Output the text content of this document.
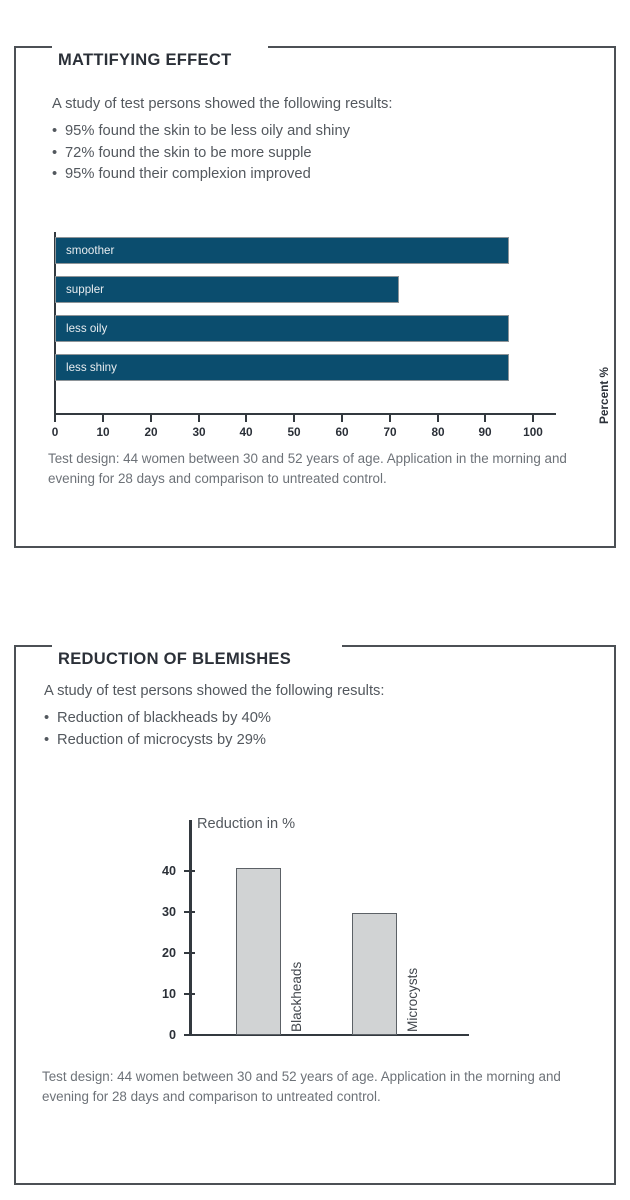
MATTIFYING EFFECT
A study of test persons showed the following results:
• 95% found the skin to be less oily and shiny
• 72% found the skin to be more supple
• 95% found their complexion improved
smoother
suppler
less oily
less shiny
0	10	20	30	40	50	60	70	80	90	100
Percent %
Test design: 44 women between 30 and 52 years of age. Application in the morning and evening for 28 days and comparison to untreated control.
REDUCTION OF BLEMISHES
A study of test persons showed the following results:
• Reduction of blackheads by 40%
• Reduction of microcysts by 29%
Reduction in %
Blackheads	Microcysts
0
10
20
30
40
Test design: 44 women between 30 and 52 years of age. Application in the morning and evening for 28 days and comparison to untreated control.
